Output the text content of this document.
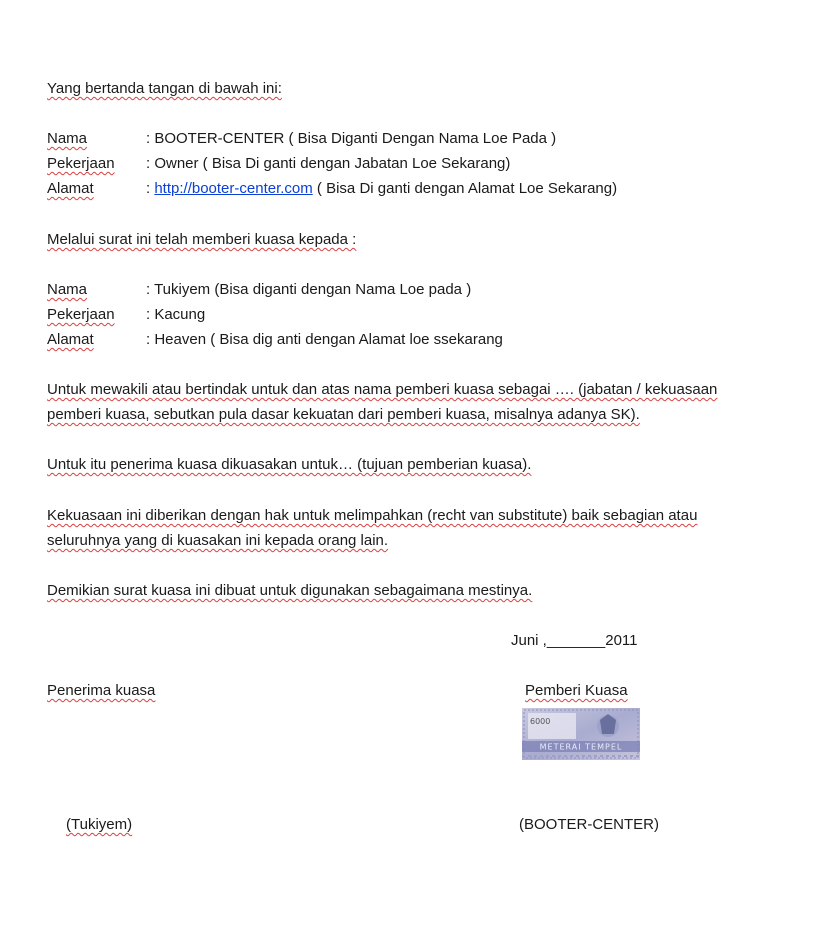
Yang bertanda tangan di bawah ini:
Nama	: BOOTER-CENTER ( Bisa Diganti Dengan Nama Loe Pada )
Pekerjaan : Owner ( Bisa Di ganti dengan Jabatan Loe Sekarang)
Alamat	: http://booter-center.com ( Bisa Di ganti dengan Alamat Loe Sekarang)
Melalui surat ini telah memberi kuasa kepada :
Nama	: Tukiyem (Bisa diganti dengan Nama Loe pada )
Pekerjaan : Kacung
Alamat	: Heaven ( Bisa dig anti dengan Alamat loe ssekarang
Untuk mewakili atau bertindak untuk dan atas nama pemberi kuasa sebagai …. (jabatan / kekuasaan
pemberi kuasa, sebutkan pula dasar kekuatan dari pemberi kuasa, misalnya adanya SK).
Untuk itu penerima kuasa dikuasakan untuk… (tujuan pemberian kuasa).
Kekuasaan ini diberikan dengan hak untuk melimpahkan (recht van substitute) baik sebagian atau
seluruhnya yang di kuasakan ini kepada orang lain.
Demikian surat kuasa ini dibuat untuk digunakan sebagaimana mestinya.
Juni ,_______2011
Penerima kuasa	Pemberi Kuasa
6000
METERAI TEMPEL
(Tukiyem)	(BOOTER-CENTER)
